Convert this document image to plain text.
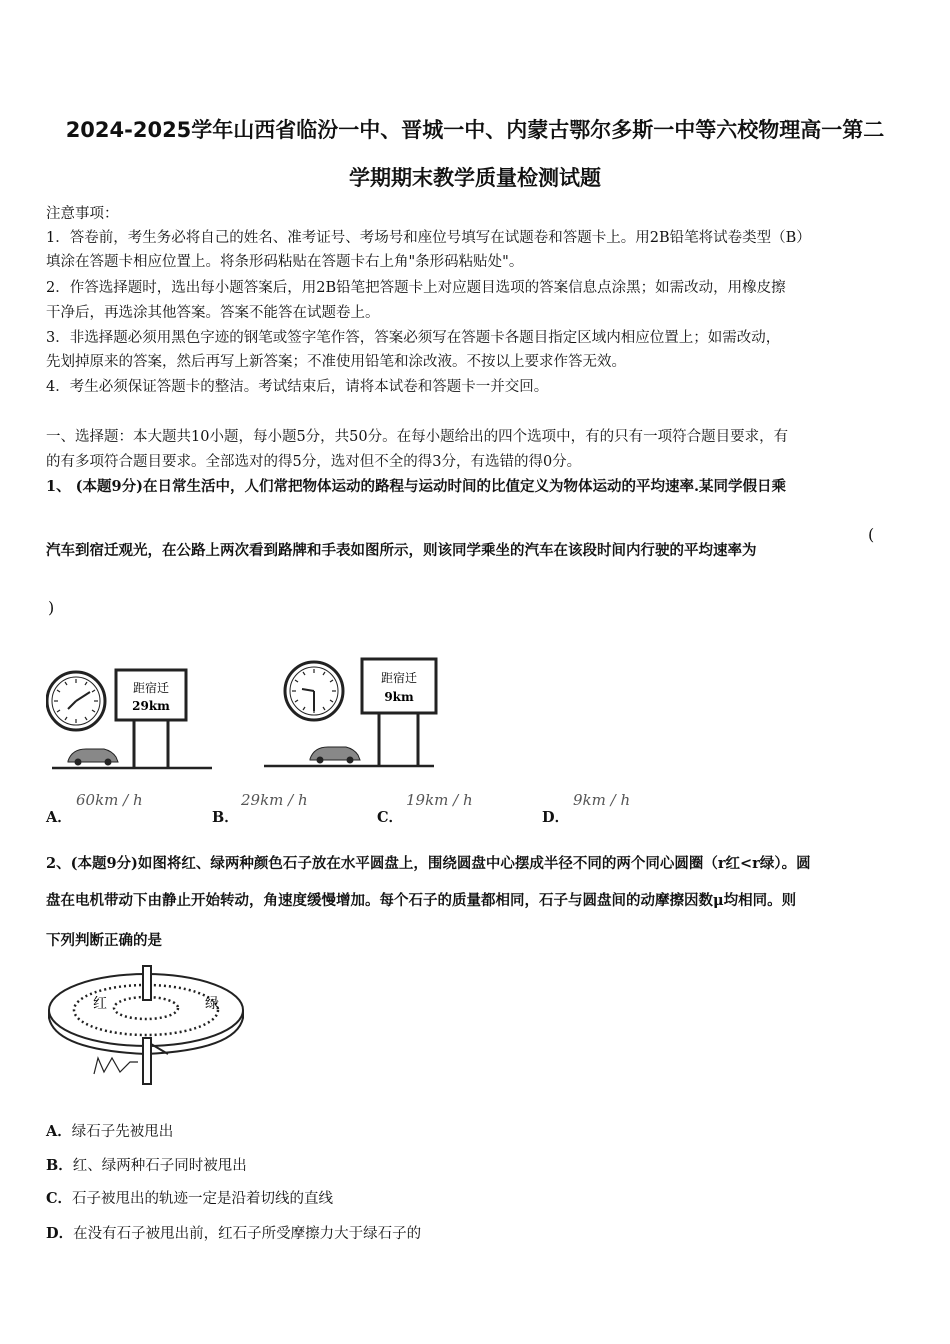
2024-2025学年山西省临汾一中、晋城一中、内蒙古鄂尔多斯一中等六校物理高一第二
学期期末教学质量检测试题
注意事项：
1．答卷前，考生务必将自己的姓名、准考证号、考场号和座位号填写在试题卷和答题卡上。用2B铅笔将试卷类型（B）
填涂在答题卡相应位置上。将条形码粘贴在答题卡右上角"条形码粘贴处"。
2．作答选择题时，选出每小题答案后，用2B铅笔把答题卡上对应题目选项的答案信息点涂黑；如需改动，用橡皮擦
干净后，再选涂其他答案。答案不能答在试题卷上。
3．非选择题必须用黑色字迹的钢笔或签字笔作答，答案必须写在答题卡各题目指定区域内相应位置上；如需改动，
先划掉原来的答案，然后再写上新答案；不准使用铅笔和涂改液。不按以上要求作答无效。
4．考生必须保证答题卡的整洁。考试结束后，请将本试卷和答题卡一并交回。
一、选择题：本大题共10小题，每小题5分，共50分。在每小题给出的四个选项中，有的只有一项符合题目要求，有
的有多项符合题目要求。全部选对的得5分，选对但不全的得3分，有选错的得0分。
1、 (本题9分)在日常生活中，人们常把物体运动的路程与运动时间的比值定义为物体运动的平均速率.某同学假日乘
汽车到宿迁观光，在公路上两次看到路牌和手表如图所示，则该同学乘坐的汽车在该段时间内行驶的平均速率为
(
)
距宿迁
29km
距宿迁
9km
A．
60km / h
B．
29km / h
C．
19km / h
D．
9km / h
2、(本题9分)如图将红、绿两种颜色石子放在水平圆盘上，围绕圆盘中心摆成半径不同的两个同心圆圈（r红<r绿）。圆
盘在电机带动下由静止开始转动，角速度缓慢增加。每个石子的质量都相同，石子与圆盘间的动摩擦因数μ均相同。则
下列判断正确的是
红	绿
A．绿石子先被甩出
B．红、绿两种石子同时被甩出
C．石子被甩出的轨迹一定是沿着切线的直线
D．在没有石子被甩出前，红石子所受摩擦力大于绿石子的
